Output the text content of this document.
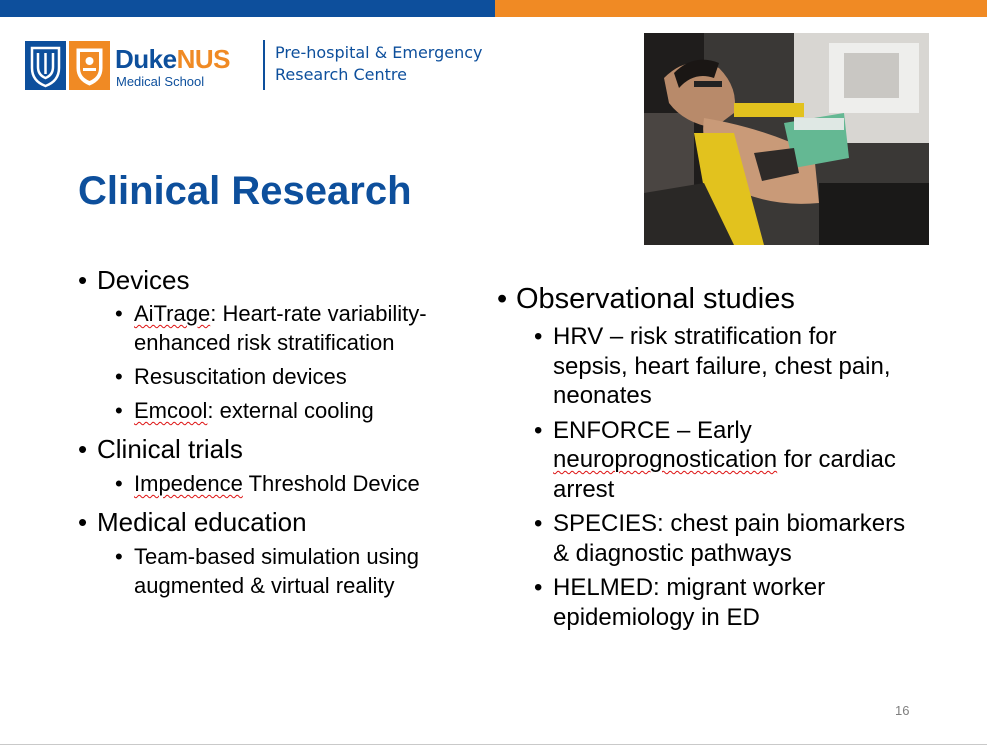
DukeNUS
Medical School
Pre-hospital & Emergency
Research Centre
Clinical Research
• Devices
• AiTrage: Heart-rate variability-enhanced risk stratification
• Resuscitation devices
• Emcool: external cooling
• Clinical trials
• Impedence Threshold Device
• Medical education
• Team-based simulation using augmented & virtual reality
• Observational studies
• HRV – risk stratification for sepsis, heart failure, chest pain, neonates
• ENFORCE – Early neuroprognostication for cardiac arrest
• SPECIES: chest pain biomarkers & diagnostic pathways
• HELMED: migrant worker epidemiology in ED
16
